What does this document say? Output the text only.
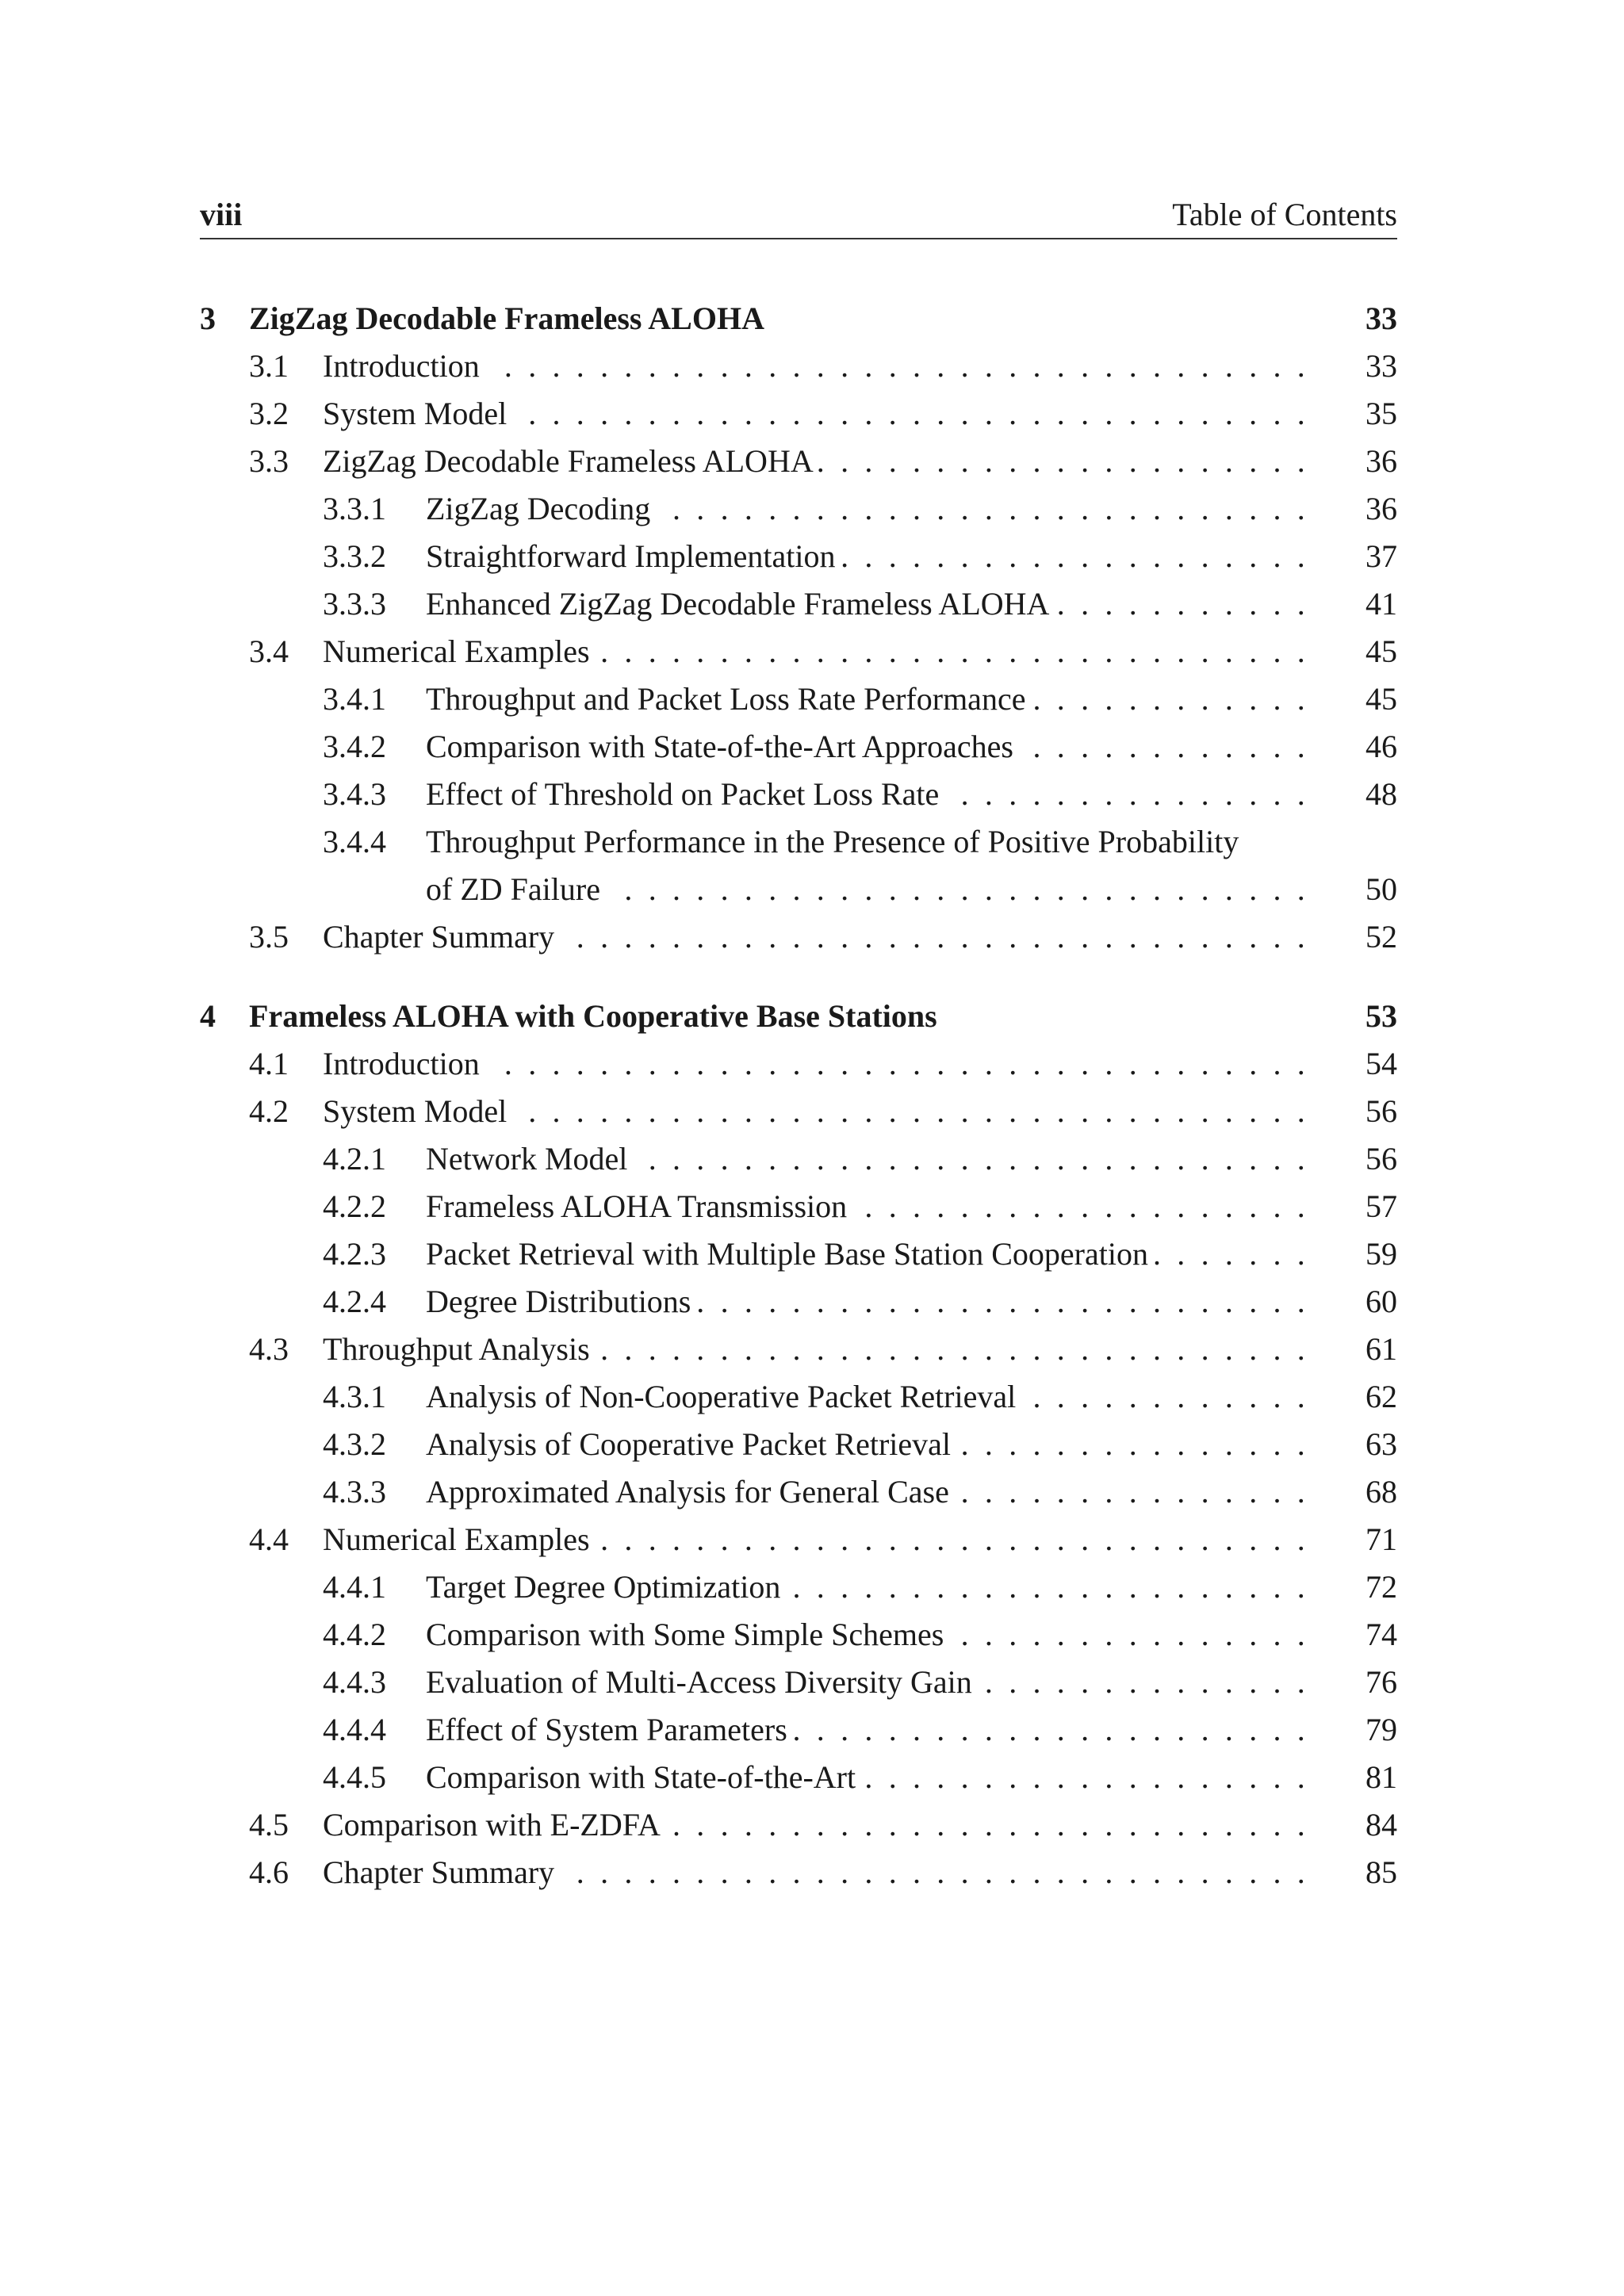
viii	Table of Contents
3 ZigZag Decodable Frameless ALOHA	33
3.1 Introduction .................................. 33
3.2 System Model ................................. 35
3.3 ZigZag Decodable Frameless ALOHA ..................... 36
3.3.1 ZigZag Decoding ........................... 36
3.3.2 Straightforward Implementation .................... 37
3.3.3 Enhanced ZigZag Decodable Frameless ALOHA ........... 41
3.4 Numerical Examples .............................. 45
3.4.1 Throughput and Packet Loss Rate Performance ............ 45
3.4.2 Comparison with State-of-the-Art Approaches ............ 46
3.4.3 Effect of Threshold on Packet Loss Rate ............... 48
3.4.4 Throughput Performance in the Presence of Positive Probability
of ZD Failure ............................. 50
3.5 Chapter Summary ............................... 52
4 Frameless ALOHA with Cooperative Base Stations	53
4.1 Introduction .................................. 54
4.2 System Model ................................. 56
4.2.1 Network Model ............................ 56
4.2.2 Frameless ALOHA Transmission ................... 57
4.2.3 Packet Retrieval with Multiple Base Station Cooperation ....... 59
4.2.4 Degree Distributions .......................... 60
4.3 Throughput Analysis .............................. 61
4.3.1 Analysis of Non-Cooperative Packet Retrieval ............ 62
4.3.2 Analysis of Cooperative Packet Retrieval ............... 63
4.3.3 Approximated Analysis for General Case ............... 68
4.4 Numerical Examples .............................. 71
4.4.1 Target Degree Optimization ...................... 72
4.4.2 Comparison with Some Simple Schemes ............... 74
4.4.3 Evaluation of Multi-Access Diversity Gain .............. 76
4.4.4 Effect of System Parameters ...................... 79
4.4.5 Comparison with State-of-the-Art ................... 81
4.5 Comparison with E-ZDFA ........................... 84
4.6 Chapter Summary ............................... 85
